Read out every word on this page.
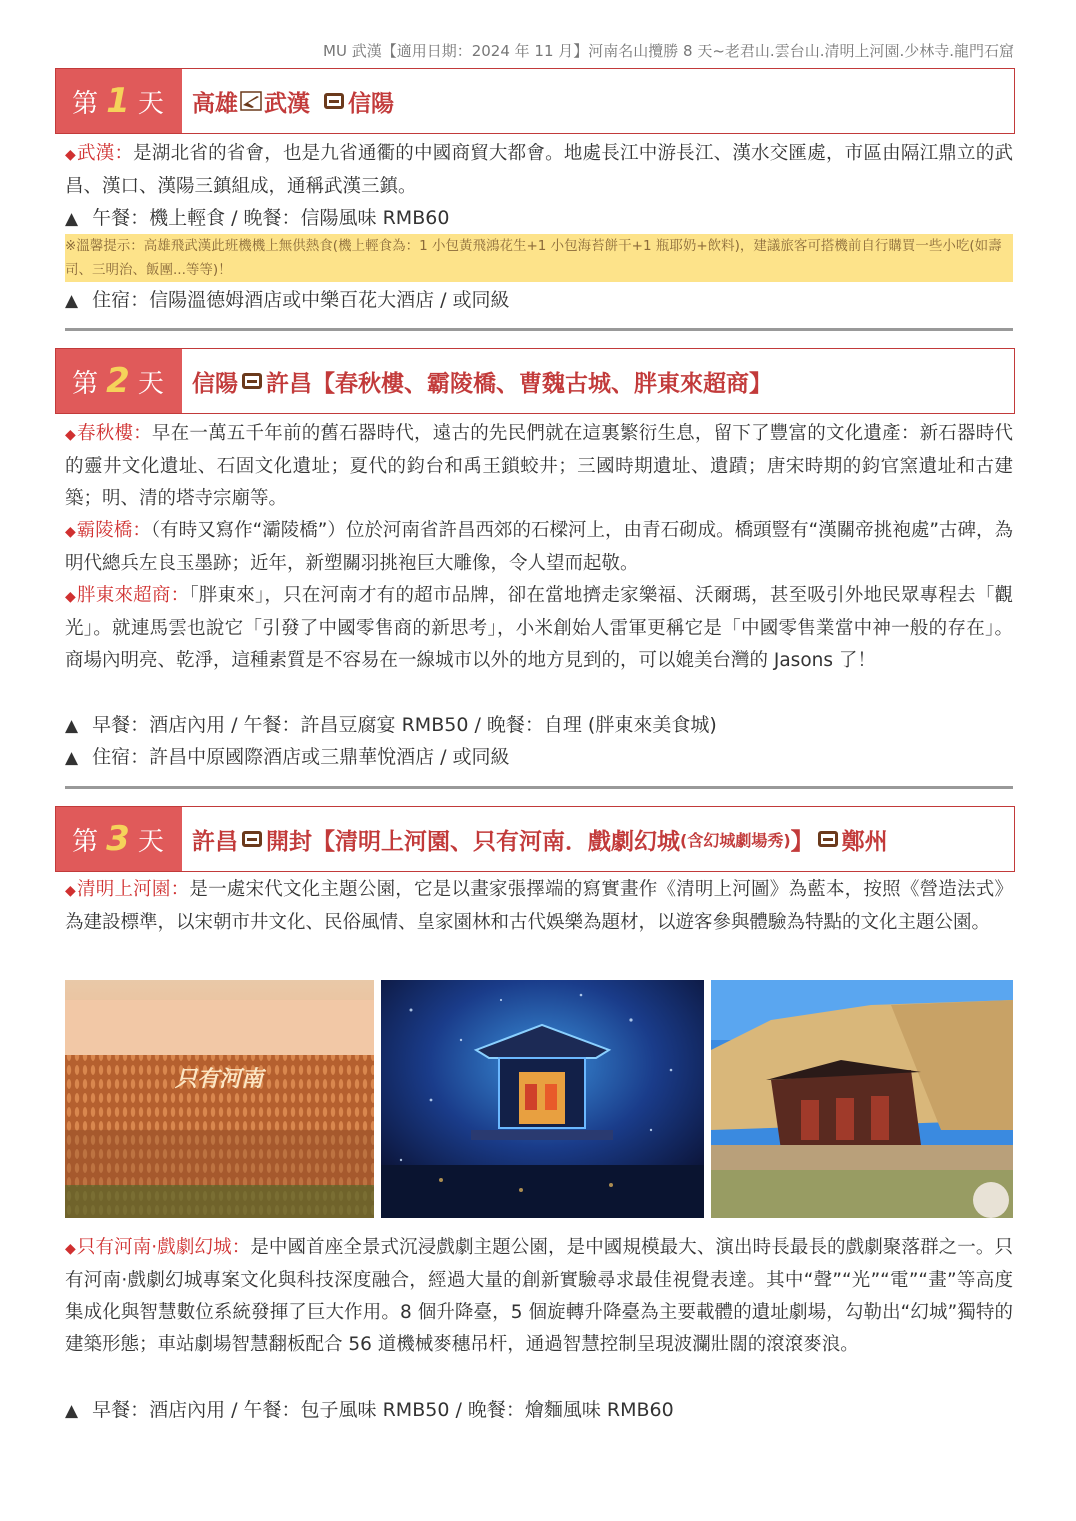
MU 武漢【適用日期：2024 年 11 月】河南名山攬勝 8 天~老君山.雲台山.清明上河園.少林寺.龍門石窟
第 1 天 高雄 武漢 信陽
◆武漢：是湖北省的省會，也是九省通衢的中國商貿大都會。地處長江中游長江、漢水交匯處，市區由隔江鼎立的武昌、漢口、漢陽三鎮組成，通稱武漢三鎮。
▲ 午餐：機上輕食 / 晚餐：信陽風味 RMB60
※溫馨提示：高雄飛武漢此班機機上無供熱食(機上輕食為：1 小包黃飛鴻花生+1 小包海苔餅干+1 瓶耶奶+飲料)，建議旅客可搭機前自行購買一些小吃(如壽司、三明治、飯團...等等)！
▲ 住宿：信陽溫德姆酒店或中樂百花大酒店 / 或同級
第 2 天 信陽 許昌【春秋樓、霸陵橋、曹魏古城、胖東來超商】
◆春秋樓：早在一萬五千年前的舊石器時代，遠古的先民們就在這裏繁衍生息，留下了豐富的文化遺產：新石器時代的靈井文化遺址、石固文化遺址；夏代的鈞台和禹王鎖蛟井；三國時期遺址、遺蹟；唐宋時期的鈞官窯遺址和古建築；明、清的塔寺宗廟等。
◆霸陵橋：（有時又寫作“灞陵橋”）位於河南省許昌西郊的石樑河上，由青石砌成。橋頭豎有“漢關帝挑袍處”古碑，為明代總兵左良玉墨跡；近年，新塑關羽挑袍巨大雕像，令人望而起敬。
◆胖東來超商：「胖東來」，只在河南才有的超市品牌，卻在當地擠走家樂福、沃爾瑪，甚至吸引外地民眾專程去「觀光」。就連馬雲也說它「引發了中國零售商的新思考」，小米創始人雷軍更稱它是「中國零售業當中神一般的存在」。商場內明亮、乾淨，這種素質是不容易在一線城市以外的地方見到的，可以媲美台灣的 Jasons 了！
▲ 早餐：酒店內用 / 午餐：許昌豆腐宴 RMB50 / 晚餐：自理 (胖東來美食城)
▲ 住宿：許昌中原國際酒店或三鼎華悅酒店 / 或同級
第 3 天 許昌 開封【清明上河園、只有河南．戲劇幻城 (含幻城劇場秀) 】 鄭州
◆清明上河園：是一處宋代文化主題公園，它是以畫家張擇端的寫實畫作《清明上河圖》為藍本，按照《營造法式》為建設標準，以宋朝市井文化、民俗風情、皇家園林和古代娛樂為題材，以遊客參與體驗為特點的文化主題公園。
只有河南
◆只有河南·戲劇幻城：是中國首座全景式沉浸戲劇主題公園，是中國規模最大、演出時長最長的戲劇聚落群之一。只有河南·戲劇幻城專案文化與科技深度融合，經過大量的創新實驗尋求最佳視覺表達。其中“聲”“光”“電”“畫”等高度集成化與智慧數位系統發揮了巨大作用。8 個升降臺，5 個旋轉升降臺為主要載體的遺址劇場，勾勒出“幻城”獨特的建築形態；車站劇場智慧翻板配合 56 道機械麥穗吊杆，通過智慧控制呈現波瀾壯闊的滾滾麥浪。
▲ 早餐：酒店內用 / 午餐：包子風味 RMB50 / 晚餐：燴麵風味 RMB60
